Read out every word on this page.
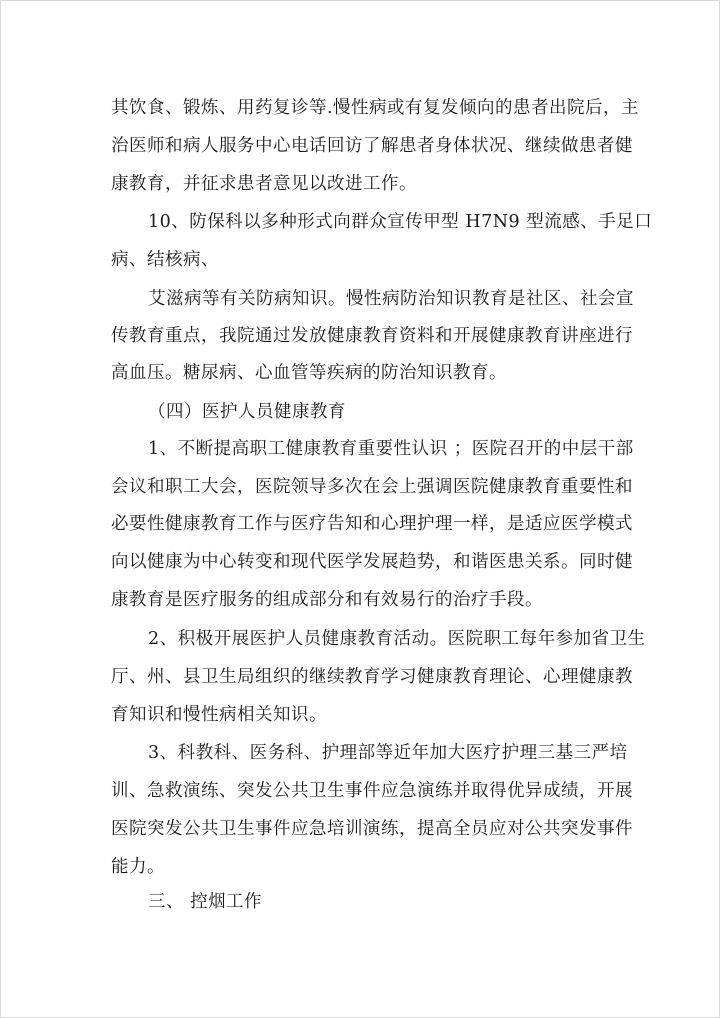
其饮食、锻炼、用药复诊等.慢性病或有复发倾向的患者出院后，主
治医师和病人服务中心电话回访了解患者身体状况、继续做患者健
康教育，并征求患者意见以改进工作。
10、防保科以多种形式向群众宣传甲型 H7N9 型流感、手足口
病、结核病、
艾滋病等有关防病知识。慢性病防治知识教育是社区、社会宣
传教育重点，我院通过发放健康教育资料和开展健康教育讲座进行
高血压。糖尿病、心血管等疾病的防治知识教育。
（四）医护人员健康教育
1、不断提高职工健康教育重要性认识 ；医院召开的中层干部
会议和职工大会，医院领导多次在会上强调医院健康教育重要性和
必要性健康教育工作与医疗告知和心理护理一样，是适应医学模式
向以健康为中心转变和现代医学发展趋势，和谐医患关系。同时健
康教育是医疗服务的组成部分和有效易行的治疗手段。
2、积极开展医护人员健康教育活动。医院职工每年参加省卫生
厅、州、县卫生局组织的继续教育学习健康教育理论、心理健康教
育知识和慢性病相关知识。
3、科教科、医务科、护理部等近年加大医疗护理三基三严培
训、急救演练、突发公共卫生事件应急演练并取得优异成绩，开展
医院突发公共卫生事件应急培训演练，提高全员应对公共突发事件
能力。
三、 控烟工作
